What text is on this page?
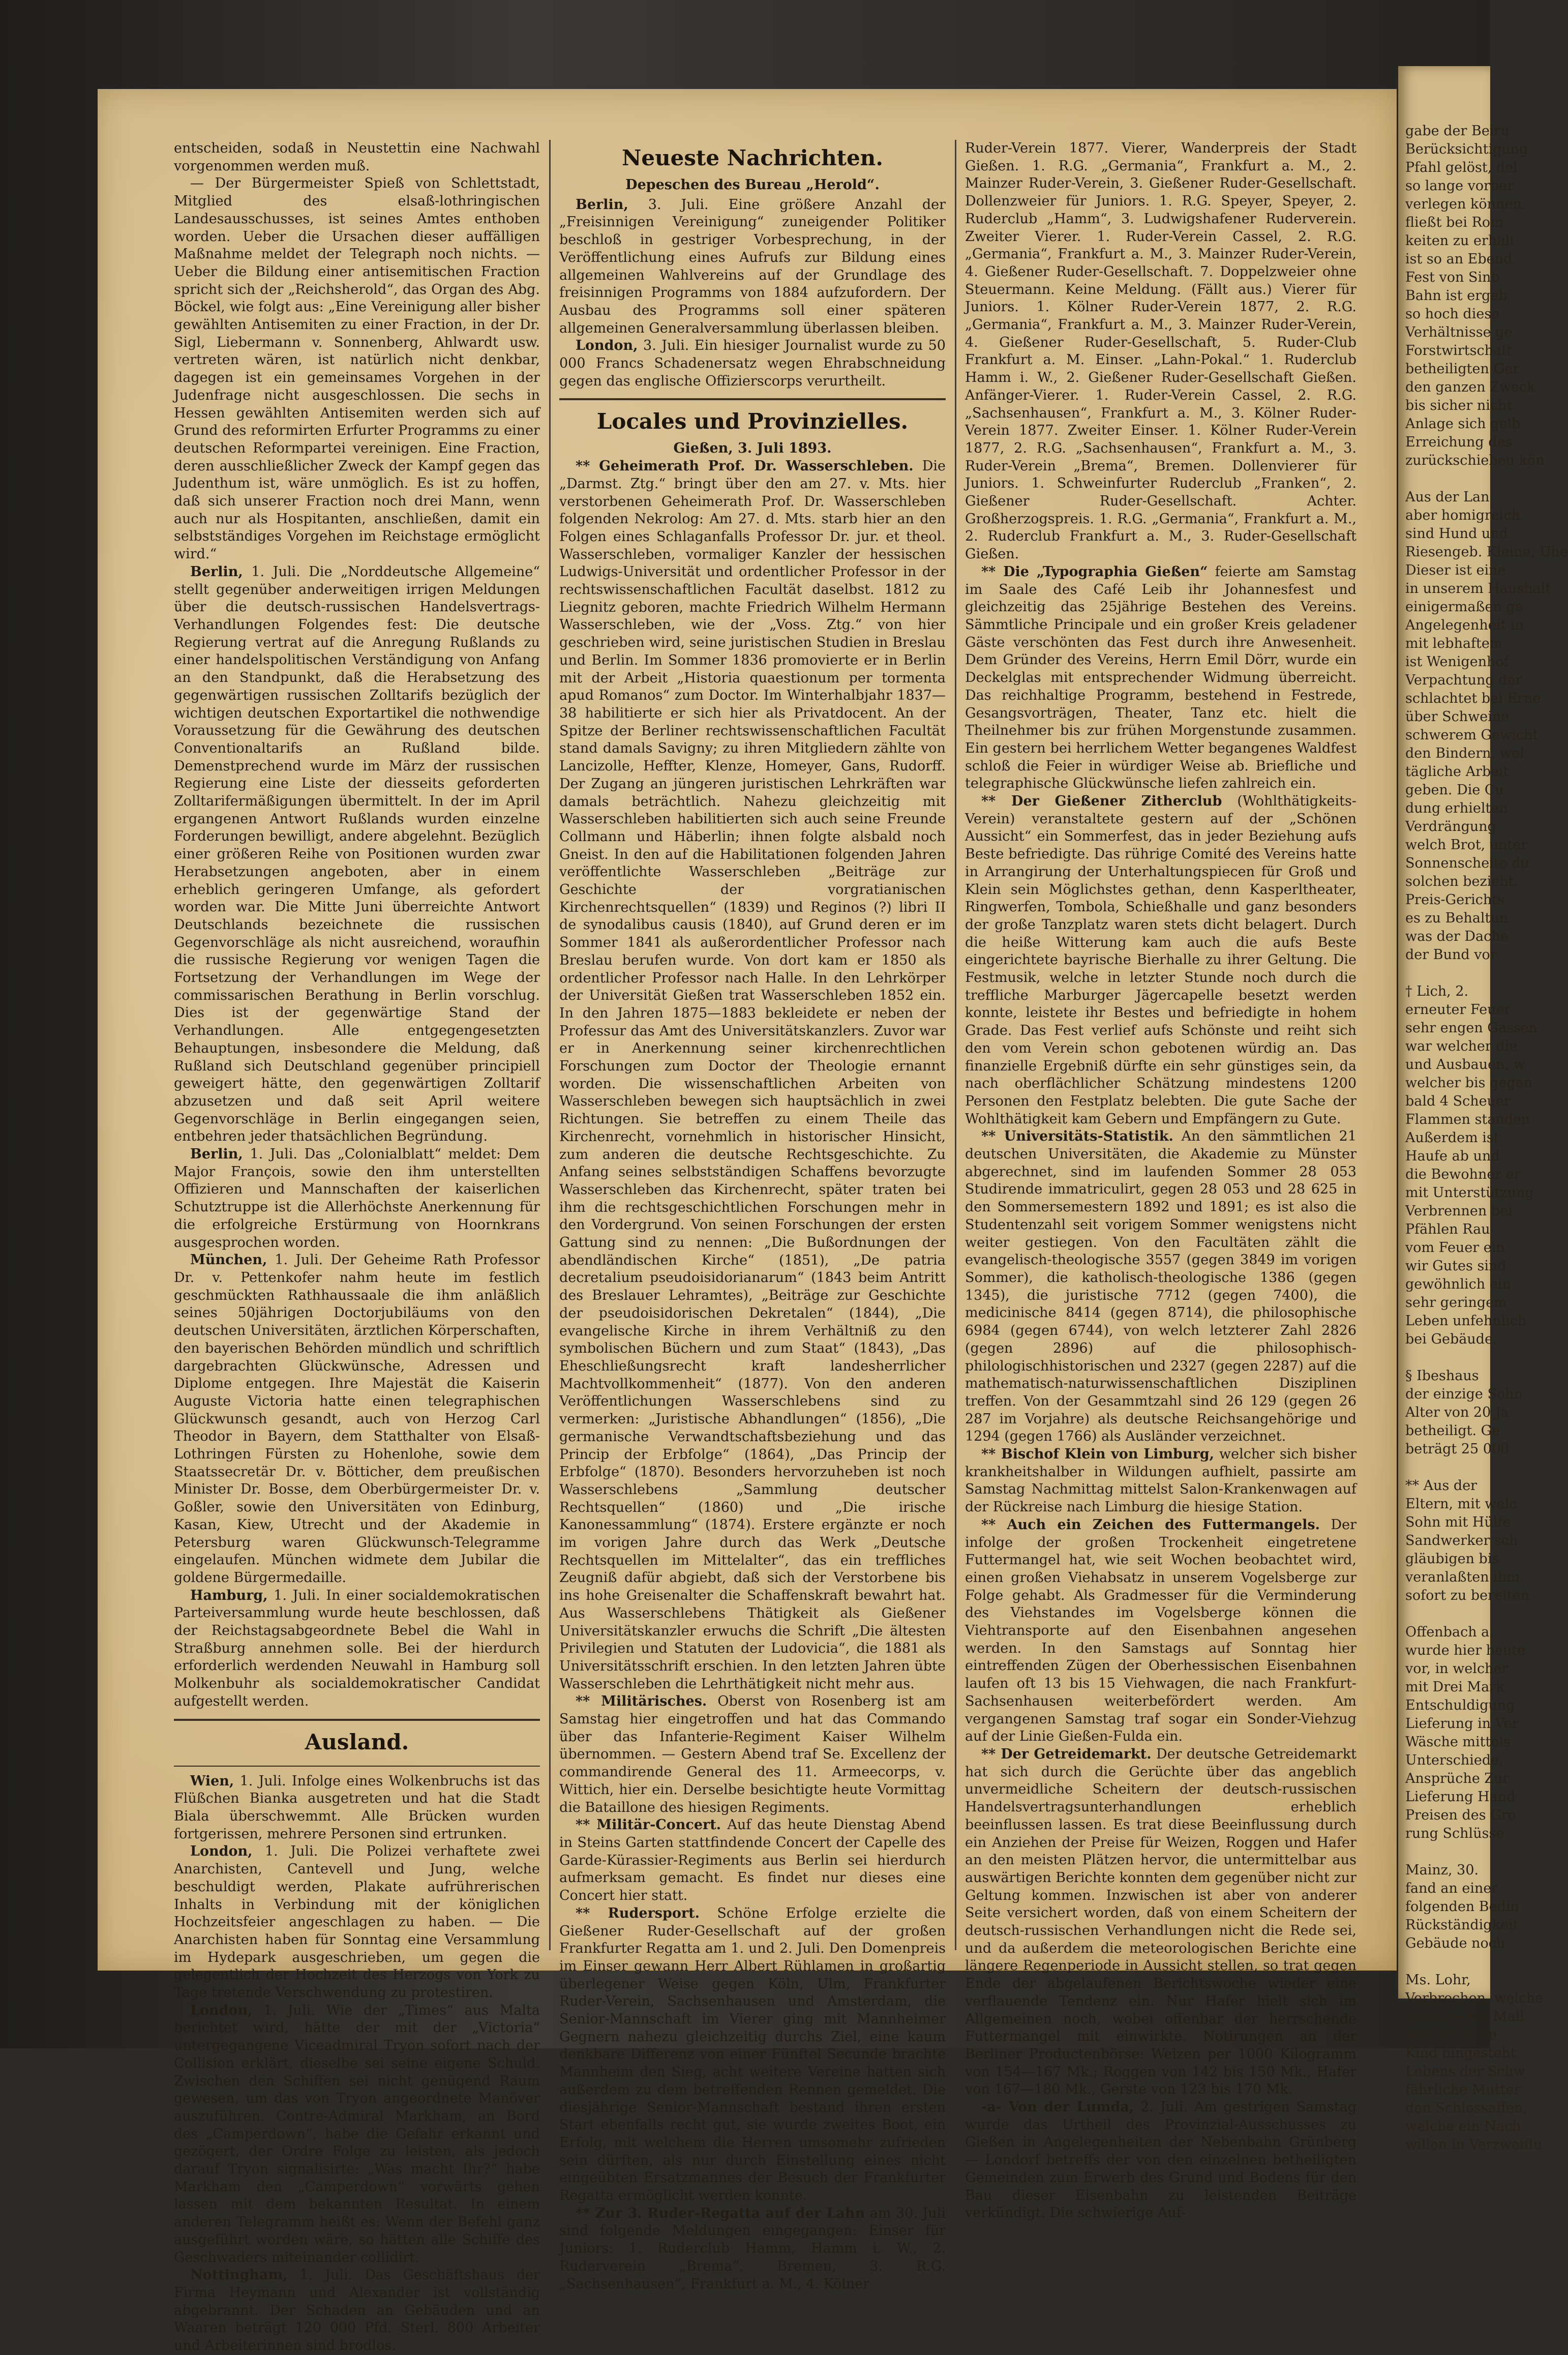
entscheiden, sodaß in Neustettin eine Nachwahl vorgenommen werden muß.

— Der Bürgermeister Spieß von Schlettstadt, Mitglied des elsaß-lothringischen Landesausschusses, ist seines Amtes enthoben worden. Ueber die Ursachen dieser auffälligen Maßnahme meldet der Telegraph noch nichts. — Ueber die Bildung einer antisemitischen Fraction spricht sich der „Reichsherold“, das Organ des Abg. Böckel, wie folgt aus: „Eine Vereinigung aller bisher gewählten Antisemiten zu einer Fraction, in der Dr. Sigl, Liebermann v. Sonnenberg, Ahlwardt usw. vertreten wären, ist natürlich nicht denkbar, dagegen ist ein gemeinsames Vorgehen in der Judenfrage nicht ausgeschlossen. Die sechs in Hessen gewählten Antisemiten werden sich auf Grund des reformirten Erfurter Programms zu einer deutschen Reformpartei vereinigen. Eine Fraction, deren ausschließlicher Zweck der Kampf gegen das Judenthum ist, wäre unmöglich. Es ist zu hoffen, daß sich unserer Fraction noch drei Mann, wenn auch nur als Hospitanten, anschließen, damit ein selbstständiges Vorgehen im Reichstage ermöglicht wird.“

Berlin, 1. Juli. Die „Norddeutsche Allgemeine“ stellt gegenüber anderweitigen irrigen Meldungen über die deutsch-russischen Handelsvertrags-Verhandlungen Folgendes fest: Die deutsche Regierung vertrat auf die Anregung Rußlands zu einer handelspolitischen Verständigung von Anfang an den Standpunkt, daß die Herabsetzung des gegenwärtigen russischen Zolltarifs bezüglich der wichtigen deutschen Exportartikel die nothwendige Voraussetzung für die Gewährung des deutschen Conventionaltarifs an Rußland bilde. Demenstprechend wurde im März der russischen Regierung eine Liste der diesseits geforderten Zolltarifermäßigungen übermittelt. In der im April ergangenen Antwort Rußlands wurden einzelne Forderungen bewilligt, andere abgelehnt. Bezüglich einer größeren Reihe von Positionen wurden zwar Herabsetzungen angeboten, aber in einem erheblich geringeren Umfange, als gefordert worden war. Die Mitte Juni überreichte Antwort Deutschlands bezeichnete die russischen Gegenvorschläge als nicht ausreichend, woraufhin die russische Regierung vor wenigen Tagen die Fortsetzung der Verhandlungen im Wege der commissarischen Berathung in Berlin vorschlug. Dies ist der gegenwärtige Stand der Verhandlungen. Alle entgegengesetzten Behauptungen, insbesondere die Meldung, daß Rußland sich Deutschland gegenüber principiell geweigert hätte, den gegenwärtigen Zolltarif abzusetzen und daß seit April weitere Gegenvorschläge in Berlin eingegangen seien, entbehren jeder thatsächlichen Begründung.

Berlin, 1. Juli. Das „Colonialblatt“ meldet: Dem Major François, sowie den ihm unterstellten Offizieren und Mannschaften der kaiserlichen Schutztruppe ist die Allerhöchste Anerkennung für die erfolgreiche Erstürmung von Hoornkrans ausgesprochen worden.

München, 1. Juli. Der Geheime Rath Professor Dr. v. Pettenkofer nahm heute im festlich geschmückten Rathhaussaale die ihm anläßlich seines 50jährigen Doctorjubiläums von den deutschen Universitäten, ärztlichen Körperschaften, den bayerischen Behörden mündlich und schriftlich dargebrachten Glückwünsche, Adressen und Diplome entgegen. Ihre Majestät die Kaiserin Auguste Victoria hatte einen telegraphischen Glückwunsch gesandt, auch von Herzog Carl Theodor in Bayern, dem Statthalter von Elsaß-Lothringen Fürsten zu Hohenlohe, sowie dem Staatssecretär Dr. v. Bötticher, dem preußischen Minister Dr. Bosse, dem Oberbürgermeister Dr. v. Goßler, sowie den Universitäten von Edinburg, Kasan, Kiew, Utrecht und der Akademie in Petersburg waren Glückwunsch-Telegramme eingelaufen. München widmete dem Jubilar die goldene Bürgermedaille.

Hamburg, 1. Juli. In einer socialdemokratischen Parteiversammlung wurde heute beschlossen, daß der Reichstagsabgeordnete Bebel die Wahl in Straßburg annehmen solle. Bei der hierdurch erforderlich werdenden Neuwahl in Hamburg soll Molkenbuhr als socialdemokratischer Candidat aufgestellt werden.

Ausland.

Wien, 1. Juli. Infolge eines Wolkenbruchs ist das Flüßchen Bianka ausgetreten und hat die Stadt Biala überschwemmt. Alle Brücken wurden fortgerissen, mehrere Personen sind ertrunken.

London, 1. Juli. Die Polizei verhaftete zwei Anarchisten, Cantevell und Jung, welche beschuldigt werden, Plakate aufrührerischen Inhalts in Verbindung mit der königlichen Hochzeitsfeier angeschlagen zu haben. — Die Anarchisten haben für Sonntag eine Versammlung im Hydepark ausgeschrieben, um gegen die gelegentlich der Hochzeit des Herzogs von York zu Tage tretende Verschwendung zu protestiren.

London, 1. Juli. Wie der „Times“ aus Malta berichtet wird, hätte der mit der „Victoria“ untergegangene Viceadmiral Tryon sofort nach der Collision erklärt, dieselbe sei seine eigene Schuld. Zwischen den Schiffen sei nicht genügend Raum gewesen, um das von Tryon angeordnete Manöver auszuführen. Contre-Admiral Markham, an Bord des „Camperdown“, habe die Gefahr erkannt und gezögert, der Ordre Folge zu leisten, als jedoch darauf Tryon signalisirte: „Was macht Ihr?“ habe Markham den „Camperdown“ vorwärts gehen lassen mit dem bekannten Resultat. In einem anderen Telegramm heißt es: Wenn der Befehl ganz ausgeführt worden wäre, so hätten alle Schiffe des Geschwaders miteinander collidirt.

Nottingham, 1. Juli. Das Geschäftshaus der Firma Heymann und Alexander ist vollständig abgebrannt. Der Schaden an Gebäuden und an Waaren beträgt 120 000 Pfd. Sterl. 800 Arbeiter und Arbeiterinnen sind brodlos.

Neueste Nachrichten.
Depeschen des Bureau „Herold“.

Berlin, 3. Juli. Eine größere Anzahl der „Freisinnigen Vereinigung“ zuneigender Politiker beschloß in gestriger Vorbesprechung, in der Veröffentlichung eines Aufrufs zur Bildung eines allgemeinen Wahlvereins auf der Grundlage des freisinnigen Programms von 1884 aufzufordern. Der Ausbau des Programms soll einer späteren allgemeinen Generalversammlung überlassen bleiben.

London, 3. Juli. Ein hiesiger Journalist wurde zu 50 000 Francs Schadenersatz wegen Ehrabschneidung gegen das englische Offizierscorps verurtheilt.

Locales und Provinzielles.
Gießen, 3. Juli 1893.

** Geheimerath Prof. Dr. Wasserschleben. Die „Darmst. Ztg.“ bringt über den am 27. v. Mts. hier verstorbenen Geheimerath Prof. Dr. Wasserschleben folgenden Nekrolog: Am 27. d. Mts. starb hier an den Folgen eines Schlaganfalls Professor Dr. jur. et theol. Wasserschleben, vormaliger Kanzler der hessischen Ludwigs-Universität und ordentlicher Professor in der rechtswissenschaftlichen Facultät daselbst. 1812 zu Liegnitz geboren, machte Friedrich Wilhelm Hermann Wasserschleben, wie der „Voss. Ztg.“ von hier geschrieben wird, seine juristischen Studien in Breslau und Berlin. Im Sommer 1836 promovierte er in Berlin mit der Arbeit „Historia quaestionum per tormenta apud Romanos“ zum Doctor. Im Winterhalbjahr 1837—38 habilitierte er sich hier als Privatdocent. An der Spitze der Berliner rechtswissenschaftlichen Facultät stand damals Savigny; zu ihren Mitgliedern zählte von Lancizolle, Heffter, Klenze, Homeyer, Gans, Rudorff. Der Zugang an jüngeren juristischen Lehrkräften war damals beträchtlich. Nahezu gleichzeitig mit Wasserschleben habilitierten sich auch seine Freunde Collmann und Häberlin; ihnen folgte alsbald noch Gneist. In den auf die Habilitationen folgenden Jahren veröffentlichte Wasserschleben „Beiträge zur Geschichte der vorgratianischen Kirchenrechtsquellen“ (1839) und Reginos (?) libri II de synodalibus causis (1840), auf Grund deren er im Sommer 1841 als außerordentlicher Professor nach Breslau berufen wurde. Von dort kam er 1850 als ordentlicher Professor nach Halle. In den Lehrkörper der Universität Gießen trat Wasserschleben 1852 ein. In den Jahren 1875—1883 bekleidete er neben der Professur das Amt des Universitätskanzlers. Zuvor war er in Anerkennung seiner kirchenrechtlichen Forschungen zum Doctor der Theologie ernannt worden. Die wissenschaftlichen Arbeiten von Wasserschleben bewegen sich hauptsächlich in zwei Richtungen. Sie betreffen zu einem Theile das Kirchenrecht, vornehmlich in historischer Hinsicht, zum anderen die deutsche Rechtsgeschichte. Zu Anfang seines selbstständigen Schaffens bevorzugte Wasserschleben das Kirchenrecht, später traten bei ihm die rechtsgeschichtlichen Forschungen mehr in den Vordergrund. Von seinen Forschungen der ersten Gattung sind zu nennen: „Die Bußordnungen der abendländischen Kirche“ (1851), „De patria decretalium pseudoisidorianarum“ (1843 beim Antritt des Breslauer Lehramtes), „Beiträge zur Geschichte der pseudoisidorischen Dekretalen“ (1844), „Die evangelische Kirche in ihrem Verhältniß zu den symbolischen Büchern und zum Staat“ (1843), „Das Eheschließungsrecht kraft landesherrlicher Machtvollkommenheit“ (1877). Von den anderen Veröffentlichungen Wasserschlebens sind zu vermerken: „Juristische Abhandlungen“ (1856), „Die germanische Verwandtschaftsbeziehung und das Princip der Erbfolge“ (1864), „Das Princip der Erbfolge“ (1870). Besonders hervorzuheben ist noch Wasserschlebens „Sammlung deutscher Rechtsquellen“ (1860) und „Die irische Kanonessammlung“ (1874). Erstere ergänzte er noch im vorigen Jahre durch das Werk „Deutsche Rechtsquellen im Mittelalter“, das ein treffliches Zeugniß dafür abgiebt, daß sich der Verstorbene bis ins hohe Greisenalter die Schaffenskraft bewahrt hat. Aus Wasserschlebens Thätigkeit als Gießener Universitätskanzler erwuchs die Schrift „Die ältesten Privilegien und Statuten der Ludovicia“, die 1881 als Universitätsschrift erschien. In den letzten Jahren übte Wasserschleben die Lehrthätigkeit nicht mehr aus.

** Militärisches. Oberst von Rosenberg ist am Samstag hier eingetroffen und hat das Commando über das Infanterie-Regiment Kaiser Wilhelm übernommen. — Gestern Abend traf Se. Excellenz der commandirende General des 11. Armeecorps, v. Wittich, hier ein. Derselbe besichtigte heute Vormittag die Bataillone des hiesigen Regiments.

** Militär-Concert. Auf das heute Dienstag Abend in Steins Garten stattfindende Concert der Capelle des Garde-Kürassier-Regiments aus Berlin sei hierdurch aufmerksam gemacht. Es findet nur dieses eine Concert hier statt.

** Rudersport. Schöne Erfolge erzielte die Gießener Ruder-Gesellschaft auf der großen Frankfurter Regatta am 1. und 2. Juli. Den Domenpreis im Einser gewann Herr Albert Rühlamen in großartig überlegener Weise gegen Köln, Ulm, Frankfurter Ruder-Verein, Sachsenhausen und Amsterdam, die Senior-Mannschaft im Vierer ging mit Mannheimer Gegnern nahezu gleichzeitig durchs Ziel, eine kaum denkbare Differenz von einer Fünftel Secunde brachte Mannheim den Sieg, acht weitere Vereine hatten sich außerdem zu dem betreffenden Rennen gemeldet. Die diesjährige Senior-Mannschaft bestand ihren ersten Start ebenfalls recht gut, sie wurde zweites Boot, ein Erfolg, mit welchem die Herren umsomehr zufrieden sein dürften, als nur durch Einstellung eines nicht eingeübten Ersatzmannes der Besuch der Frankfurter Regatta ermöglicht werden konnte.

** Zur 3. Ruder-Regatta auf der Lahn am 30. Juli sind folgende Meldungen eingegangen: Einser für Juniors: 1. Ruderclub Hamm, Hamm i. W., 2. Ruderverein „Brema“, Bremen, 3. R.G. „Sachsenhausen“, Frankfurt a. M., 4. Kölner

Ruder-Verein 1877. Vierer, Wanderpreis der Stadt Gießen. 1. R.G. „Germania“, Frankfurt a. M., 2. Mainzer Ruder-Verein, 3. Gießener Ruder-Gesellschaft. Dollenzweier für Juniors. 1. R.G. Speyer, Speyer, 2. Ruderclub „Hamm“, 3. Ludwigshafener Ruderverein. Zweiter Vierer. 1. Ruder-Verein Cassel, 2. R.G. „Germania“, Frankfurt a. M., 3. Mainzer Ruder-Verein, 4. Gießener Ruder-Gesellschaft. 7. Doppelzweier ohne Steuermann. Keine Meldung. (Fällt aus.) Vierer für Juniors. 1. Kölner Ruder-Verein 1877, 2. R.G. „Germania“, Frankfurt a. M., 3. Mainzer Ruder-Verein, 4. Gießener Ruder-Gesellschaft, 5. Ruder-Club Frankfurt a. M. Einser. „Lahn-Pokal.“ 1. Ruderclub Hamm i. W., 2. Gießener Ruder-Gesellschaft Gießen. Anfänger-Vierer. 1. Ruder-Verein Cassel, 2. R.G. „Sachsenhausen“, Frankfurt a. M., 3. Kölner Ruder-Verein 1877. Zweiter Einser. 1. Kölner Ruder-Verein 1877, 2. R.G. „Sachsenhausen“, Frankfurt a. M., 3. Ruder-Verein „Brema“, Bremen. Dollenvierer für Juniors. 1. Schweinfurter Ruderclub „Franken“, 2. Gießener Ruder-Gesellschaft. Achter. Großherzogspreis. 1. R.G. „Germania“, Frankfurt a. M., 2. Ruderclub Frankfurt a. M., 3. Ruder-Gesellschaft Gießen.

** Die „Typographia Gießen“ feierte am Samstag im Saale des Café Leib ihr Johannesfest und gleichzeitig das 25jährige Bestehen des Vereins. Sämmtliche Principale und ein großer Kreis geladener Gäste verschönten das Fest durch ihre Anwesenheit. Dem Gründer des Vereins, Herrn Emil Dörr, wurde ein Deckelglas mit entsprechender Widmung überreicht. Das reichhaltige Programm, bestehend in Festrede, Gesangsvorträgen, Theater, Tanz etc. hielt die Theilnehmer bis zur frühen Morgenstunde zusammen. Ein gestern bei herrlichem Wetter begangenes Waldfest schloß die Feier in würdiger Weise ab. Briefliche und telegraphische Glückwünsche liefen zahlreich ein.

** Der Gießener Zitherclub (Wohlthätigkeits-Verein) veranstaltete gestern auf der „Schönen Aussicht“ ein Sommerfest, das in jeder Beziehung aufs Beste befriedigte. Das rührige Comité des Vereins hatte in Arrangirung der Unterhaltungspiecen für Groß und Klein sein Möglichstes gethan, denn Kasperltheater, Ringwerfen, Tombola, Schießhalle und ganz besonders der große Tanzplatz waren stets dicht belagert. Durch die heiße Witterung kam auch die aufs Beste eingerichtete bayrische Bierhalle zu ihrer Geltung. Die Festmusik, welche in letzter Stunde noch durch die treffliche Marburger Jägercapelle besetzt werden konnte, leistete ihr Bestes und befriedigte in hohem Grade. Das Fest verlief aufs Schönste und reiht sich den vom Verein schon gebotenen würdig an. Das finanzielle Ergebniß dürfte ein sehr günstiges sein, da nach oberflächlicher Schätzung mindestens 1200 Personen den Festplatz belebten. Die gute Sache der Wohlthätigkeit kam Gebern und Empfängern zu Gute.

** Universitäts-Statistik. An den sämmtlichen 21 deutschen Universitäten, die Akademie zu Münster abgerechnet, sind im laufenden Sommer 28 053 Studirende immatriculirt, gegen 28 053 und 28 625 in den Sommersemestern 1892 und 1891; es ist also die Studentenzahl seit vorigem Sommer wenigstens nicht weiter gestiegen. Von den Facultäten zählt die evangelisch-theologische 3557 (gegen 3849 im vorigen Sommer), die katholisch-theologische 1386 (gegen 1345), die juristische 7712 (gegen 7400), die medicinische 8414 (gegen 8714), die philosophische 6984 (gegen 6744), von welch letzterer Zahl 2826 (gegen 2896) auf die philosophisch-philologischhistorischen und 2327 (gegen 2287) auf die mathematisch-naturwissenschaftlichen Disziplinen treffen. Von der Gesammtzahl sind 26 129 (gegen 26 287 im Vorjahre) als deutsche Reichsangehörige und 1294 (gegen 1766) als Ausländer verzeichnet.

** Bischof Klein von Limburg, welcher sich bisher krankheitshalber in Wildungen aufhielt, passirte am Samstag Nachmittag mittelst Salon-Krankenwagen auf der Rückreise nach Limburg die hiesige Station.

** Auch ein Zeichen des Futtermangels. Der infolge der großen Trockenheit eingetretene Futtermangel hat, wie seit Wochen beobachtet wird, einen großen Viehabsatz in unserem Vogelsberge zur Folge gehabt. Als Gradmesser für die Verminderung des Viehstandes im Vogelsberge können die Viehtransporte auf den Eisenbahnen angesehen werden. In den Samstags auf Sonntag hier eintreffenden Zügen der Oberhessischen Eisenbahnen laufen oft 13 bis 15 Viehwagen, die nach Frankfurt-Sachsenhausen weiterbefördert werden. Am vergangenen Samstag traf sogar ein Sonder-Viehzug auf der Linie Gießen-Fulda ein.

** Der Getreidemarkt. Der deutsche Getreidemarkt hat sich durch die Gerüchte über das angeblich unvermeidliche Scheitern der deutsch-russischen Handelsvertragsunterhandlungen erheblich beeinflussen lassen. Es trat diese Beeinflussung durch ein Anziehen der Preise für Weizen, Roggen und Hafer an den meisten Plätzen hervor, die untermittelbar aus auswärtigen Berichte konnten dem gegenüber nicht zur Geltung kommen. Inzwischen ist aber von anderer Seite versichert worden, daß von einem Scheitern der deutsch-russischen Verhandlungen nicht die Rede sei, und da außerdem die meteorologischen Berichte eine längere Regenperiode in Aussicht stellen, so trat gegen Ende der abgelaufenen Berichtswoche wieder eine verflauende Tendenz ein. Nur Hafer hielt sich im Allgemeinen noch, wobei offenbar der herrschende Futtermangel mit einwirkte. Notirungen an der Berliner Productenbörse: Weizen per 1000 Kilogramm von 154—167 Mk.; Roggen von 142 bis 150 Mk., Hafer von 167—180 Mk., Gerste von 123 bis 170 Mk.

-a- Von der Lumda, 2. Juli. Am gestrigen Samstag wurde das Urtheil des Provinzial-Ausschusses zu Gießen in Angelegenheiten der Nebenbahn Grünberg — Londorf betreffs der von den einzelnen betheiligten Gemeinden zum Erwerb des Grund und Bodens für den Bau dieser Eisenbahn zu leistenden Beiträge verkündigt. Die schwierige Auf-

gabe der Beiru

Berücksichtigung

Pfahl gelöst, del

so lange vorber

verlegen können.

fließt bei Rom

keiten zu erhalt

ist so an Ebend

Fest von Sinb

Bahn ist ergeb

so hoch diese

Verhältnisse ge

Forstwirtschaft

betheiligten Ger

den ganzen Zweck

bis sicher nicht

Anlage sich gelb

Erreichung des

zurückschiebeu kön

Aus der Lan

aber homigreich

sind Hund und

Riesengeb. Kleine, Uhe

Dieser ist eine

in unserem Haushalt

einigermaßen ge

Angelegenheit in

mit lebhaftem

ist Wenigenhof

Verpachtung der

schlachtet bei Erne

über Schweine

schwerem Gewicht

den Bindern, wel

tägliche Arbeit

geben. Die Cu

dung erhielten

Verdrängung

welch Brot, unter

Sonnenscheite du

solchen bezieht.

Preis-Gerichts

es zu Behaltun

was der Dache

der Bund vor

† Lich, 2.

erneuter Feuer

sehr engen Gassen

war welcher die

und Ausbauen, w

welcher bis gegen

bald 4 Scheuer

Flammen standen

Außerdem ist

Haufe ab und

die Bewohner er

mit Unterstützung

Verbrennen bei

Pfählen Rau

vom Feuer ein

wir Gutes sind

gewöhnlich ein

sehr geringem

Leben unfehnlich

bei Gebäude.

§ Ibeshaus

der einzige Sohn

Alter von 20 Ja

betheiligt. Ge

beträgt 25 000

** Aus der

Eltern, mit welc

Sohn mit Hülfe

Sandwerker sch

gläubigen bis

veranlaßten ihm

sofort zu bereiten

Offenbach a.

wurde hier heute

vor, in welcher

mit Drei Mark

Entschuldigung

Lieferung in Ver

Wäsche mittels

Unterschiede,

Ansprüche Zur

Lieferung Hand

Preisen des Gro

rung Schlüsse

Mainz, 30.

fand an einer

folgenden Bedin

Rückständigkeit

Gebäude noch

Ms. Lohr,

Verbrechen, welche

kennt — ein Mall

was ist in die

Kind hingesteht

Lebens der Schw

fährliche Mutter

den Schlossaffen,

welche ein Nach

willen in Verzweiflu
